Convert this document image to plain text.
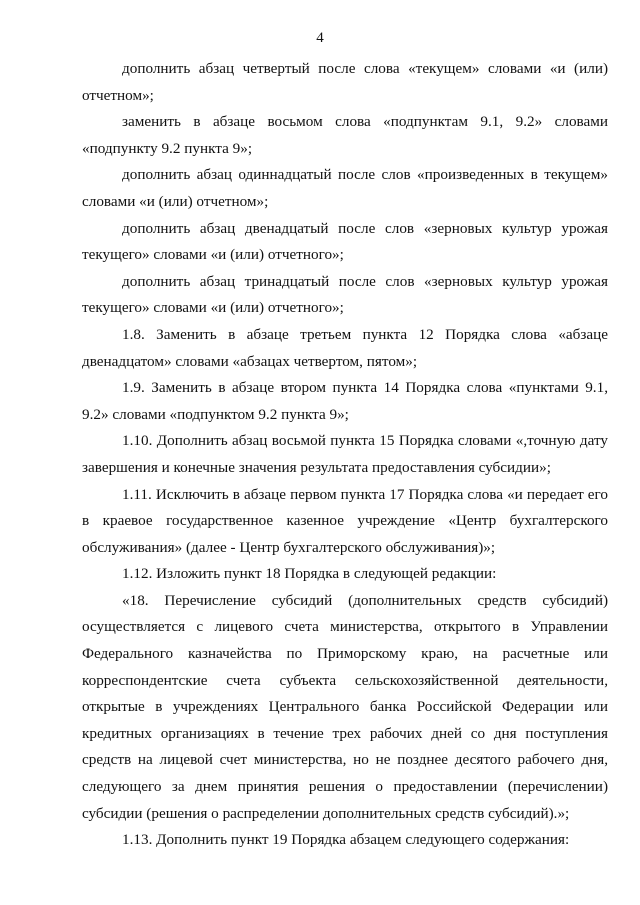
4

дополнить абзац четвертый после слова «текущем» словами «и (или) отчетном»;

заменить в абзаце восьмом слова «подпунктам 9.1, 9.2» словами «подпункту 9.2 пункта 9»;

дополнить абзац одиннадцатый после слов «произведенных в текущем» словами «и (или) отчетном»;

дополнить абзац двенадцатый после слов «зерновых культур урожая текущего» словами «и (или) отчетного»;

дополнить абзац тринадцатый после слов «зерновых культур урожая текущего» словами «и (или) отчетного»;

1.8. Заменить в абзаце третьем пункта 12 Порядка слова «абзаце двенадцатом» словами «абзацах четвертом, пятом»;

1.9. Заменить в абзаце втором пункта 14 Порядка слова «пунктами 9.1, 9.2» словами «подпунктом 9.2 пункта 9»;

1.10. Дополнить абзац восьмой пункта 15 Порядка словами «,точную дату завершения и конечные значения результата предоставления субсидии»;

1.11. Исключить в абзаце первом пункта 17 Порядка слова «и передает его в краевое государственное казенное учреждение «Центр бухгалтерского обслуживания» (далее - Центр бухгалтерского обслуживания)»;

1.12. Изложить пункт 18 Порядка в следующей редакции:

«18. Перечисление субсидий (дополнительных средств субсидий) осуществляется с лицевого счета министерства, открытого в Управлении Федерального казначейства по Приморскому краю, на расчетные или корреспондентские счета субъекта сельскохозяйственной деятельности, открытые в учреждениях Центрального банка Российской Федерации или кредитных организациях в течение трех рабочих дней со дня поступления средств на лицевой счет министерства, но не позднее десятого рабочего дня, следующего за днем принятия решения о предоставлении (перечислении) субсидии (решения о распределении дополнительных средств субсидий).»;

1.13. Дополнить пункт 19 Порядка абзацем следующего содержания:
